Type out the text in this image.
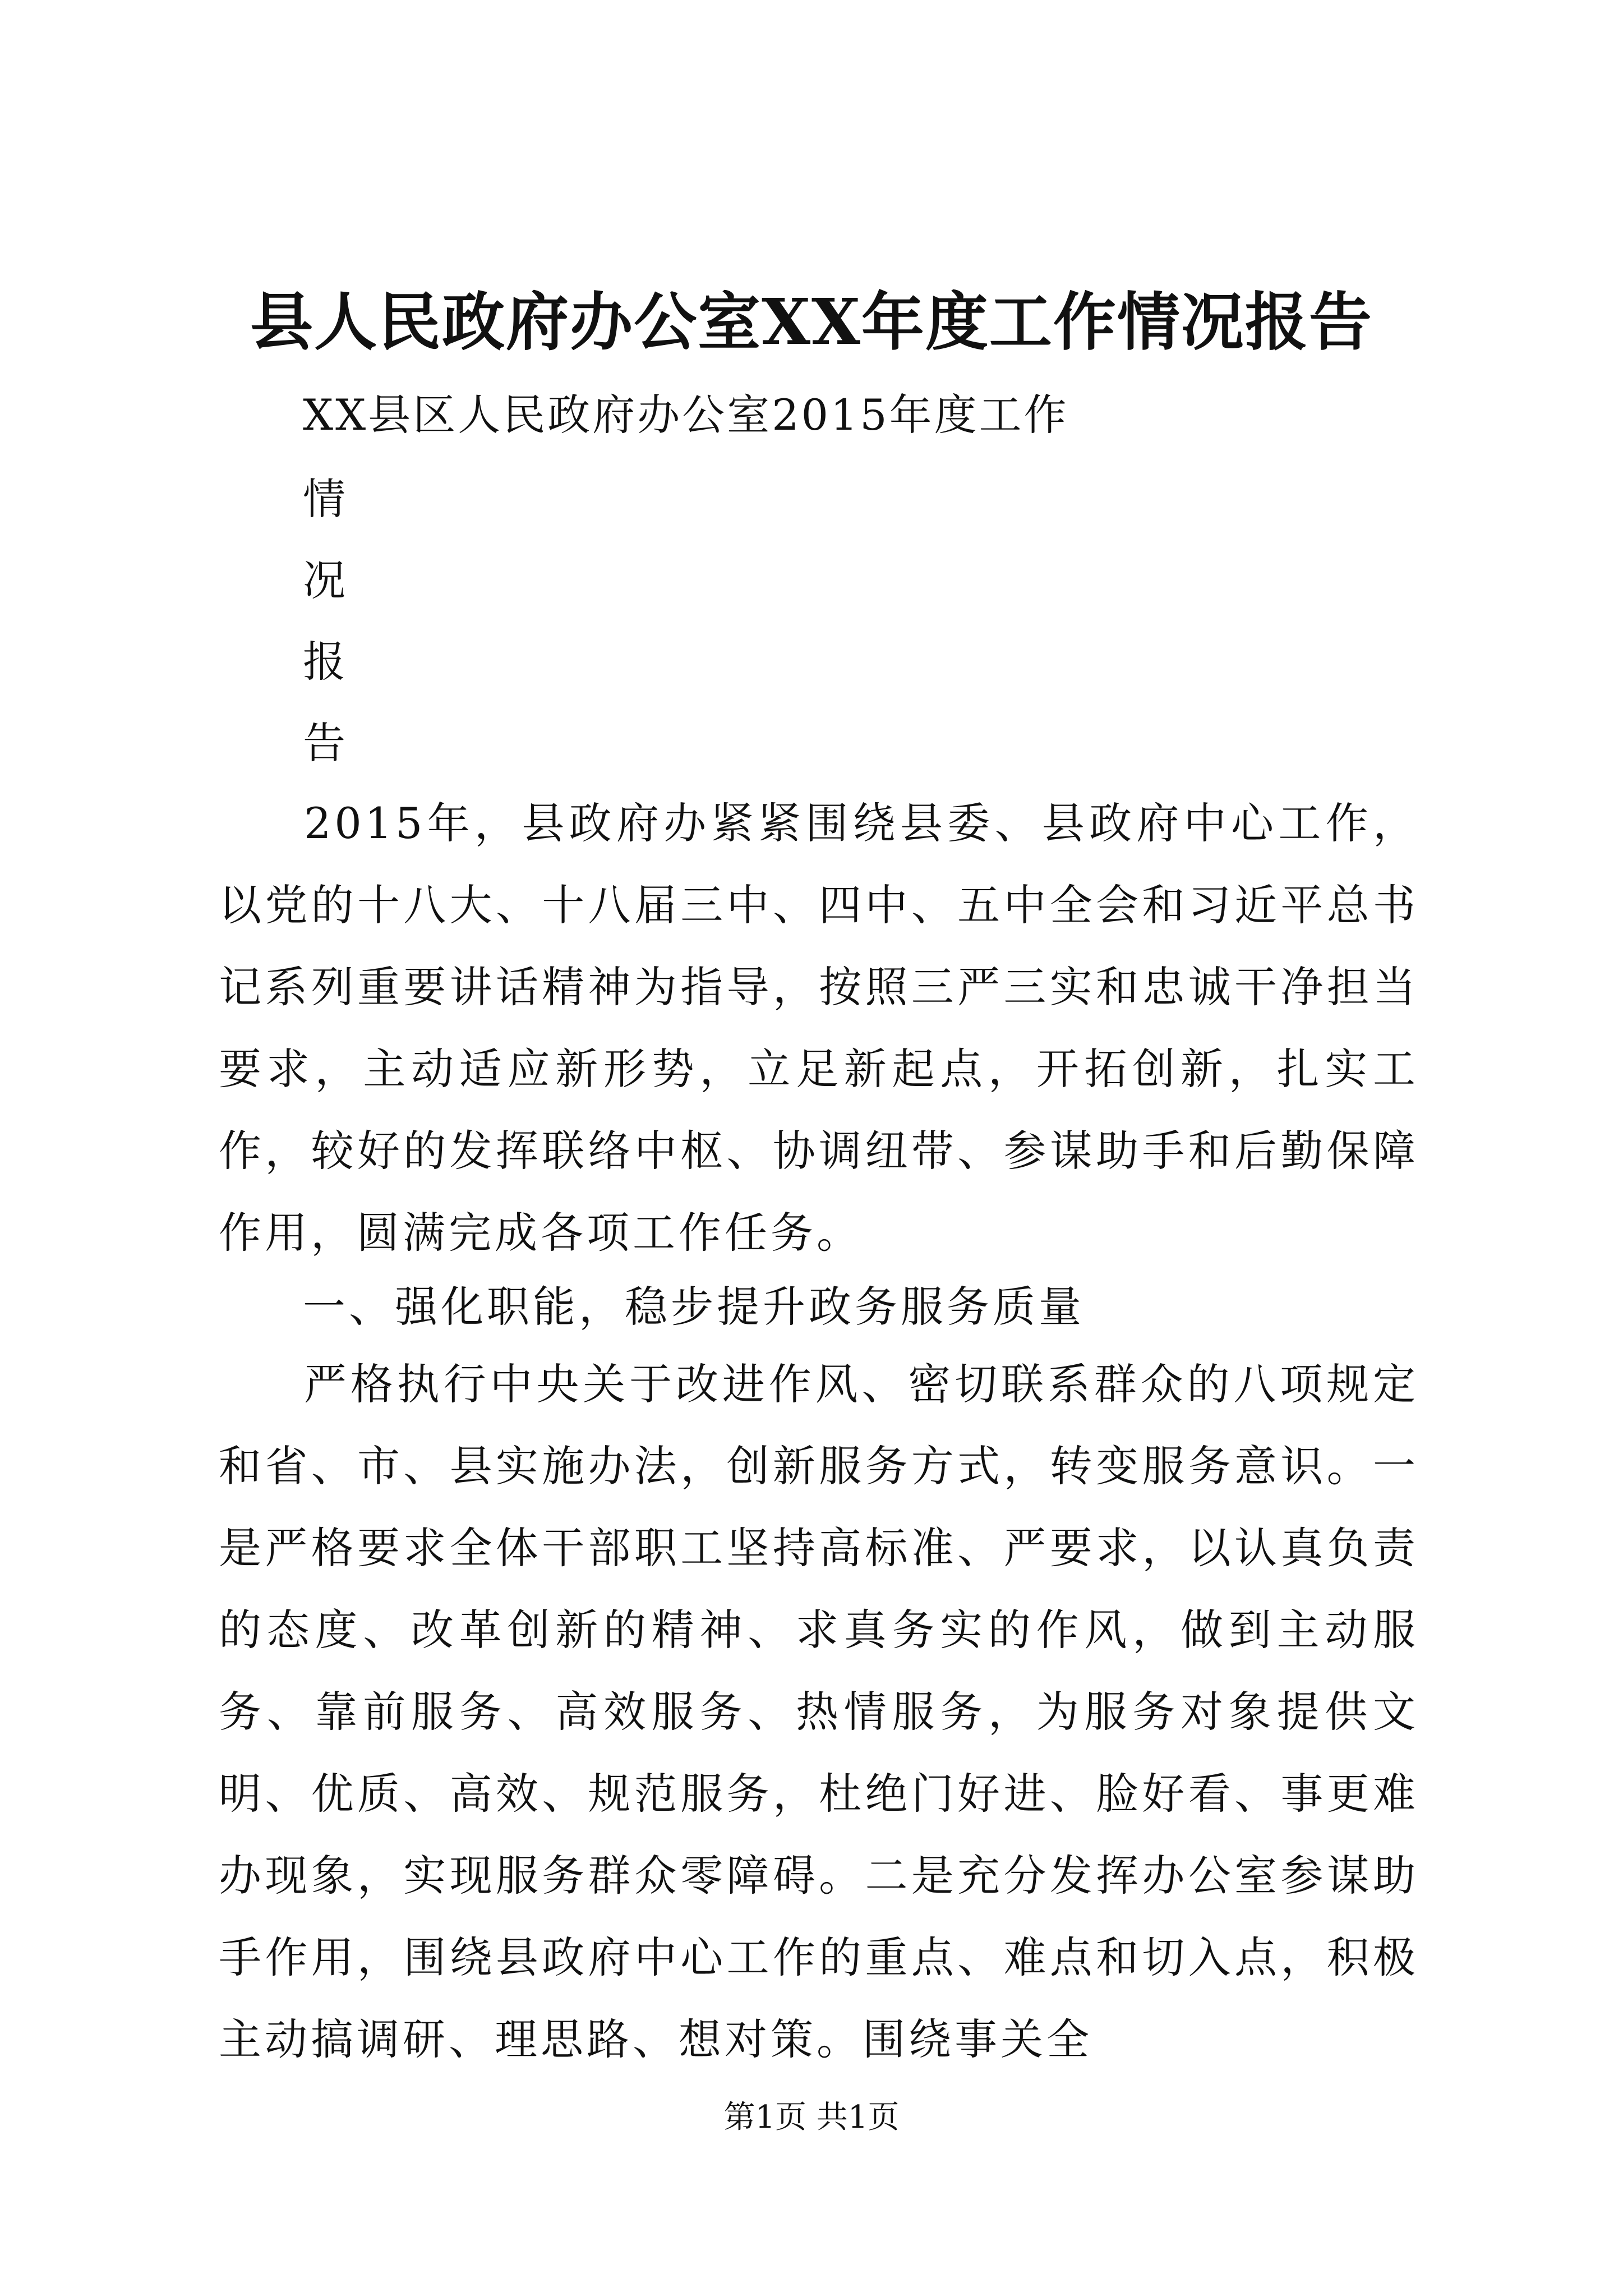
县人民政府办公室XX年度工作情况报告
XX县区人民政府办公室2015年度工作
情
况
报
告

2015年，县政府办紧紧围绕县委、县政府中心工作，以党的十八大、十八届三中、四中、五中全会和习近平总书记系列重要讲话精神为指导，按照三严三实和忠诚干净担当要求，主动适应新形势，立足新起点，开拓创新，扎实工作，较好的发挥联络中枢、协调纽带、参谋助手和后勤保障作用，圆满完成各项工作任务。

一、强化职能，稳步提升政务服务质量

严格执行中央关于改进作风、密切联系群众的八项规定和省、市、县实施办法，创新服务方式，转变服务意识。一是严格要求全体干部职工坚持高标准、严要求，以认真负责的态度、改革创新的精神、求真务实的作风，做到主动服务、靠前服务、高效服务、热情服务，为服务对象提供文明、优质、高效、规范服务，杜绝门好进、脸好看、事更难办现象，实现服务群众零障碍。二是充分发挥办公室参谋助手作用，围绕县政府中心工作的重点、难点和切入点，积极主动搞调研、理思路、想对策。围绕事关全

第1页 共1页
